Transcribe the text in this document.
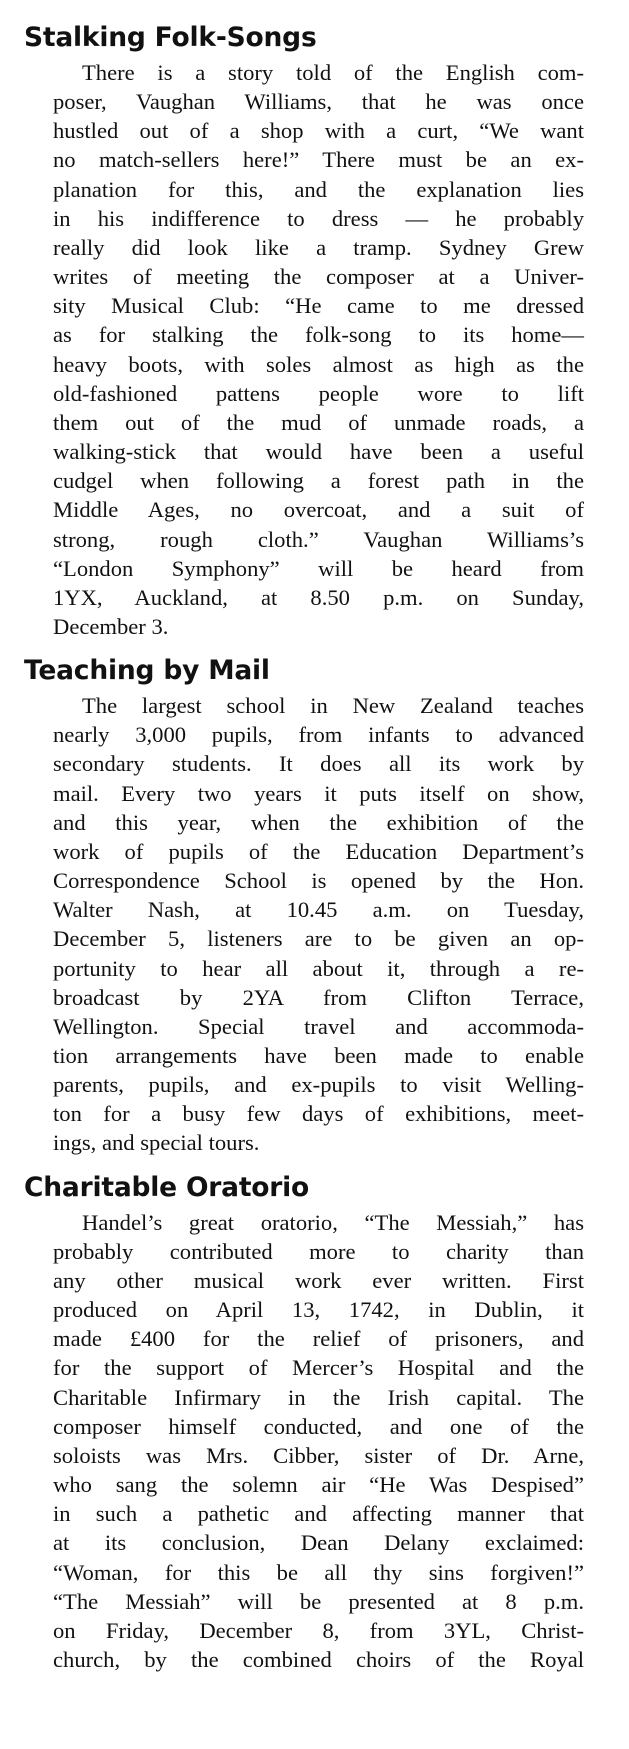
Stalking Folk-Songs
There is a story told of the English com-
poser, Vaughan Williams, that he was once
hustled out of a shop with a curt, “We want
no match-sellers here!” There must be an ex-
planation for this, and the explanation lies
in his indifference to dress — he probably
really did look like a tramp. Sydney Grew
writes of meeting the composer at a Univer-
sity Musical Club: “He came to me dressed
as for stalking the folk-song to its home—
heavy boots, with soles almost as high as the
old-fashioned pattens people wore to lift
them out of the mud of unmade roads, a
walking-stick that would have been a useful
cudgel when following a forest path in the
Middle Ages, no overcoat, and a suit of
strong, rough cloth.” Vaughan Williams’s
“London Symphony” will be heard from
1YX, Auckland, at 8.50 p.m. on Sunday,
December 3.
Teaching by Mail
The largest school in New Zealand teaches
nearly 3,000 pupils, from infants to advanced
secondary students. It does all its work by
mail. Every two years it puts itself on show,
and this year, when the exhibition of the
work of pupils of the Education Department’s
Correspondence School is opened by the Hon.
Walter Nash, at 10.45 a.m. on Tuesday,
December 5, listeners are to be given an op-
portunity to hear all about it, through a re-
broadcast by 2YA from Clifton Terrace,
Wellington. Special travel and accommoda-
tion arrangements have been made to enable
parents, pupils, and ex-pupils to visit Welling-
ton for a busy few days of exhibitions, meet-
ings, and special tours.
Charitable Oratorio
Handel’s great oratorio, “The Messiah,” has
probably contributed more to charity than
any other musical work ever written. First
produced on April 13, 1742, in Dublin, it
made £400 for the relief of prisoners, and
for the support of Mercer’s Hospital and the
Charitable Infirmary in the Irish capital. The
composer himself conducted, and one of the
soloists was Mrs. Cibber, sister of Dr. Arne,
who sang the solemn air “He Was Despised”
in such a pathetic and affecting manner that
at its conclusion, Dean Delany exclaimed:
“Woman, for this be all thy sins forgiven!”
“The Messiah” will be presented at 8 p.m.
on Friday, December 8, from 3YL, Christ-
church, by the combined choirs of the Royal
